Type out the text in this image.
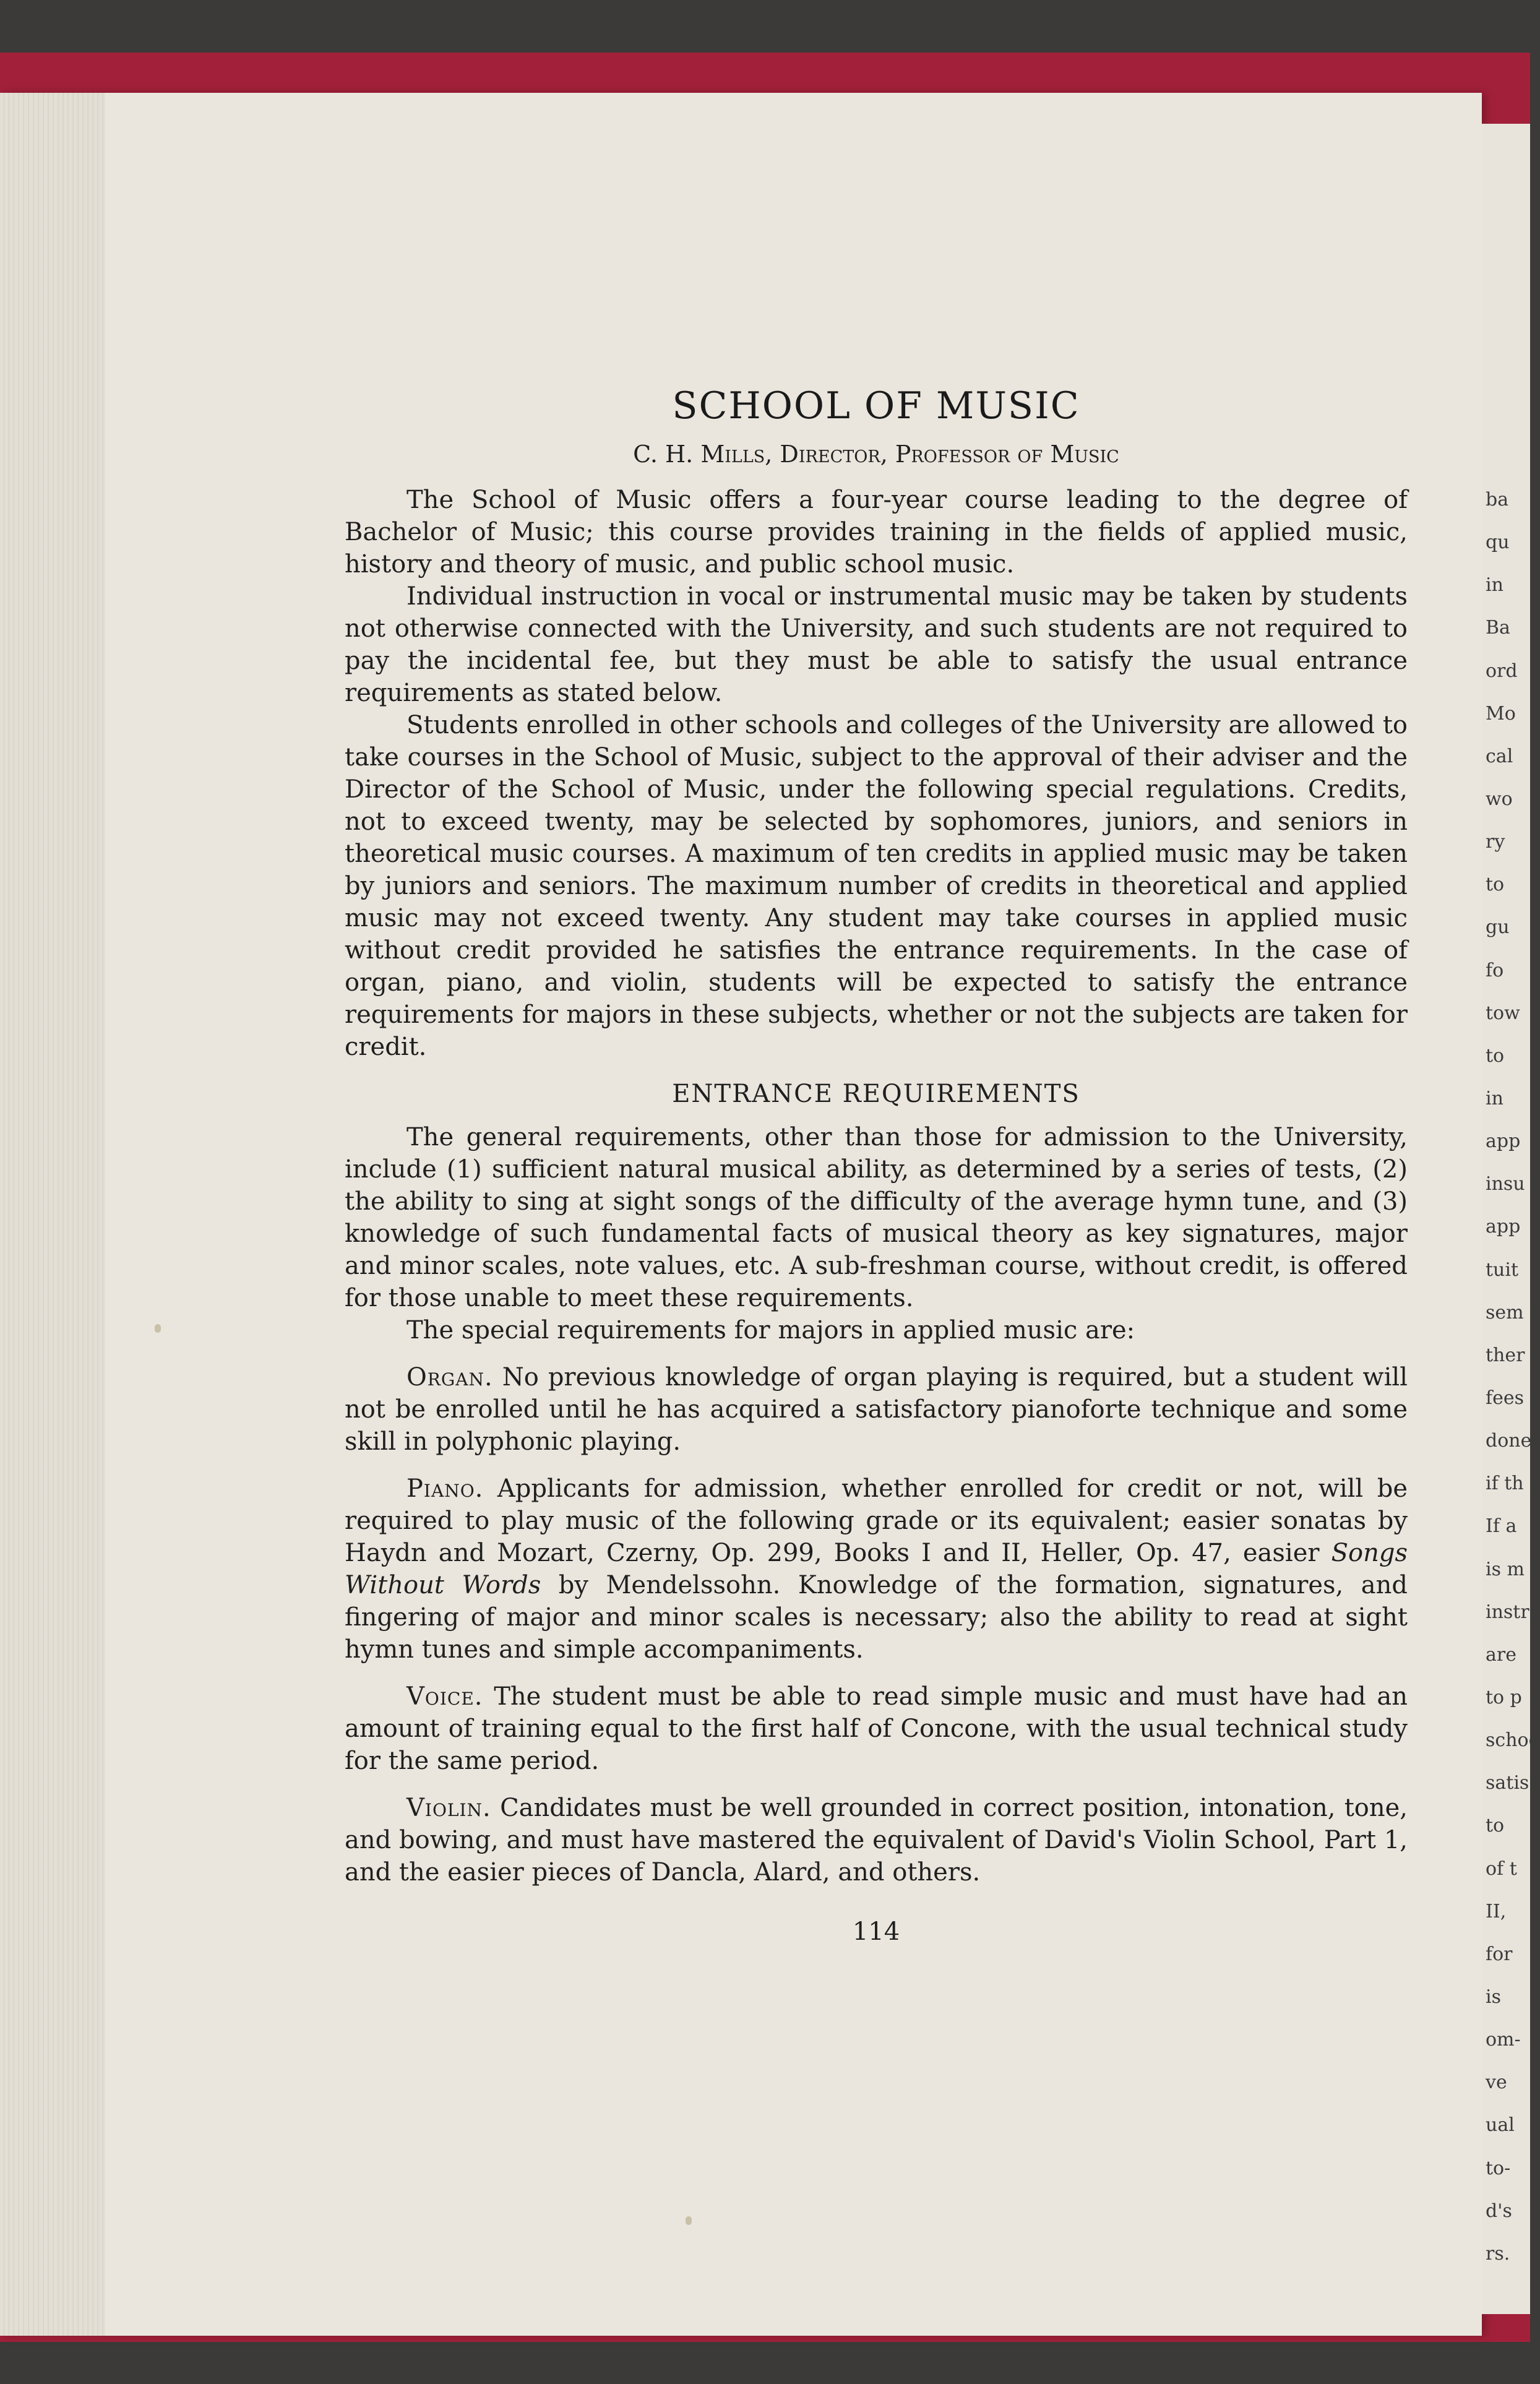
ba
qu
in
Ba
ord
Mo
cal
wo
ry
to
gu
fo
tow
to
in
app
insu
app
tuit
sem
ther
fees
done
if th
If a
is m
instr
are
to p
schoo
satis
to
of t
II,
for
is
om-
ve
ual
to-
d's
rs.
SCHOOL OF MUSIC
C. H. Mills, Director, Professor of Music

The School of Music offers a four-year course leading to the degree of Bachelor of Music; this course provides training in the fields of applied music, history and theory of music, and public school music.

Individual instruction in vocal or instrumental music may be taken by students not otherwise connected with the University, and such students are not required to pay the incidental fee, but they must be able to satisfy the usual entrance requirements as stated below.

Students enrolled in other schools and colleges of the University are allowed to take courses in the School of Music, subject to the approval of their adviser and the Director of the School of Music, under the following special regulations. Credits, not to exceed twenty, may be selected by sophomores, juniors, and seniors in theoretical music courses. A maximum of ten credits in applied music may be taken by juniors and seniors. The maximum number of credits in theoretical and applied music may not exceed twenty. Any student may take courses in applied music without credit provided he satisfies the entrance requirements. In the case of organ, piano, and violin, students will be expected to satisfy the entrance requirements for majors in these subjects, whether or not the subjects are taken for credit.

ENTRANCE REQUIREMENTS

The general requirements, other than those for admission to the University, include (1) sufficient natural musical ability, as determined by a series of tests, (2) the ability to sing at sight songs of the difficulty of the average hymn tune, and (3) knowledge of such fundamental facts of musical theory as key signatures, major and minor scales, note values, etc. A sub-freshman course, without credit, is offered for those unable to meet these requirements.

The special requirements for majors in applied music are:

Organ. No previous knowledge of organ playing is required, but a student will not be enrolled until he has acquired a satisfactory pianoforte technique and some skill in polyphonic playing.

Piano. Applicants for admission, whether enrolled for credit or not, will be required to play music of the following grade or its equivalent; easier sonatas by Haydn and Mozart, Czerny, Op. 299, Books I and II, Heller, Op. 47, easier Songs Without Words by Mendelssohn. Knowledge of the formation, signatures, and fingering of major and minor scales is necessary; also the ability to read at sight hymn tunes and simple accompaniments.

Voice. The student must be able to read simple music and must have had an amount of training equal to the first half of Concone, with the usual technical study for the same period.

Violin. Candidates must be well grounded in correct position, intonation, tone, and bowing, and must have mastered the equivalent of David's Violin School, Part 1, and the easier pieces of Dancla, Alard, and others.

114
